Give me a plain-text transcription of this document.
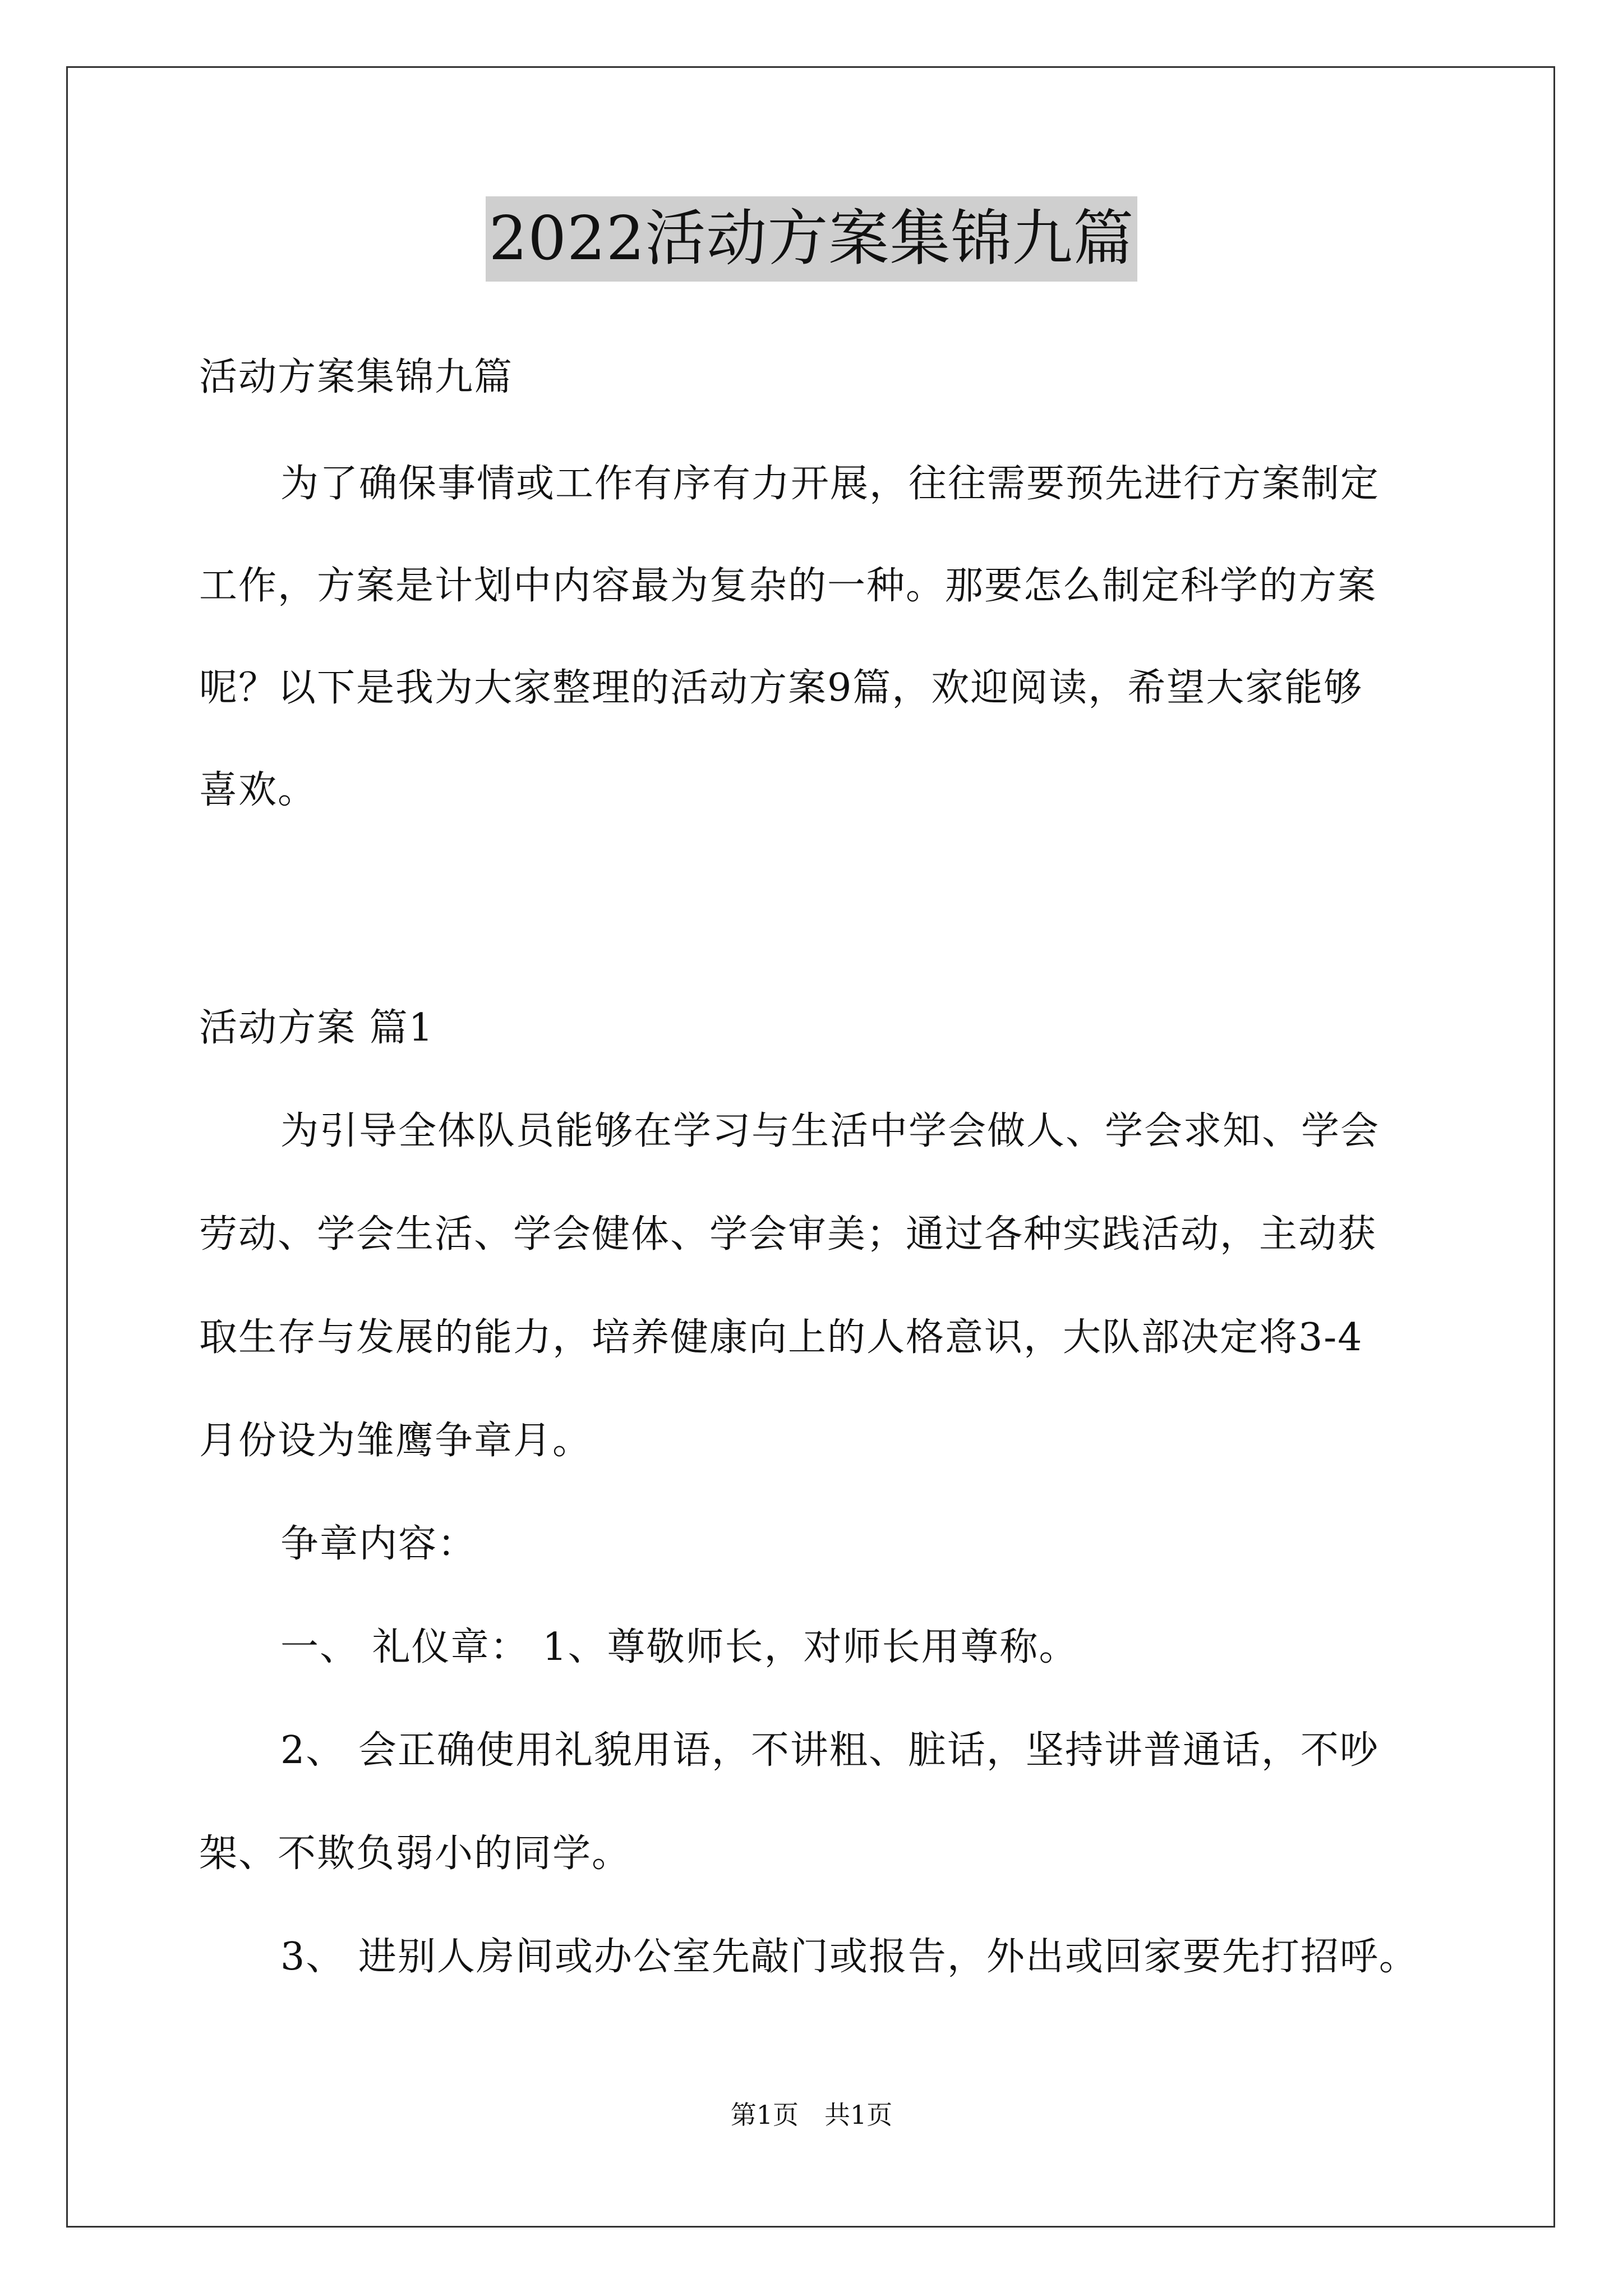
2022活动方案集锦九篇
活动方案集锦九篇
为了确保事情或工作有序有力开展，往往需要预先进行方案制定
工作，方案是计划中内容最为复杂的一种。那要怎么制定科学的方案
呢？以下是我为大家整理的活动方案9篇，欢迎阅读，希望大家能够
喜欢。
活动方案 篇1
为引导全体队员能够在学习与生活中学会做人、学会求知、学会
劳动、学会生活、学会健体、学会审美；通过各种实践活动，主动获
取生存与发展的能力，培养健康向上的人格意识，大队部决定将3-4
月份设为雏鹰争章月。
争章内容：
一、 礼仪章： 1、尊敬师长，对师长用尊称。
2、 会正确使用礼貌用语，不讲粗、脏话，坚持讲普通话，不吵
架、不欺负弱小的同学。
3、 进别人房间或办公室先敲门或报告，外出或回家要先打招呼。
第1页　共1页
